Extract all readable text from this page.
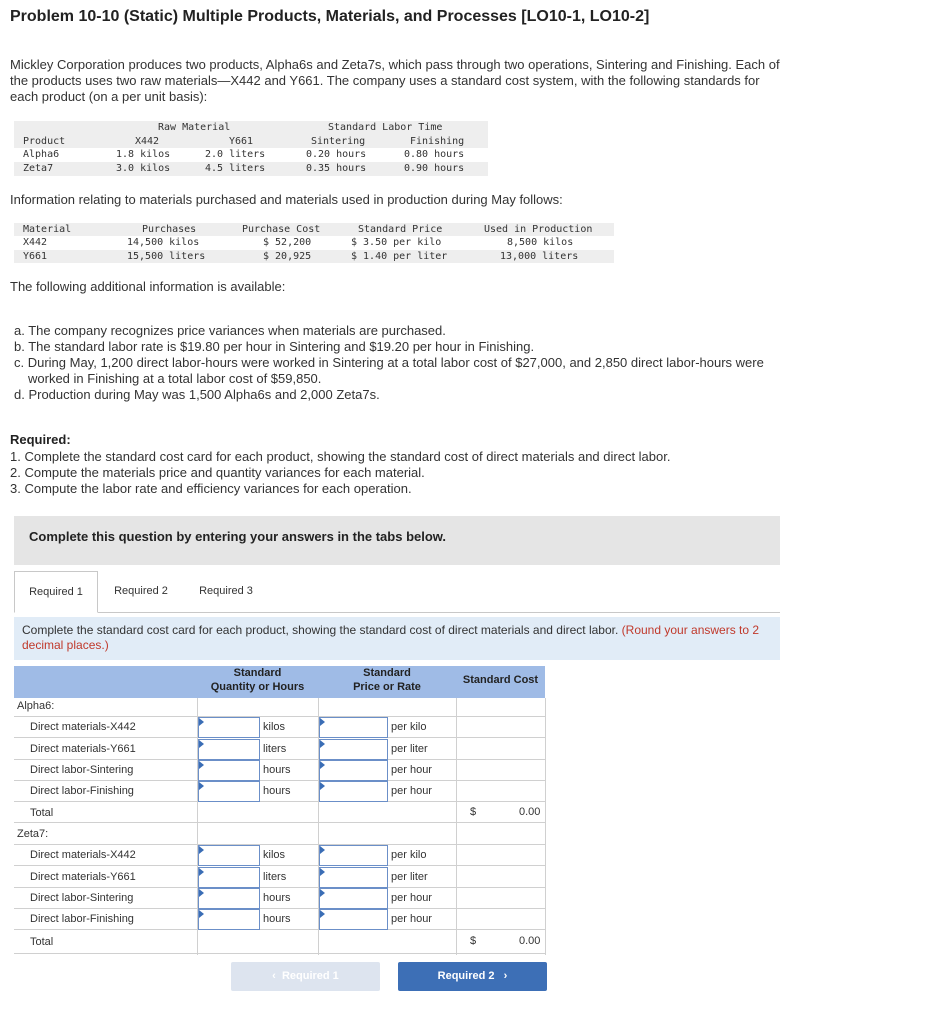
Problem 10-10 (Static) Multiple Products, Materials, and Processes [LO10-1, LO10-2]
Mickley Corporation produces two products, Alpha6s and Zeta7s, which pass through two operations, Sintering and Finishing. Each of
the products uses two raw materials—X442 and Y661. The company uses a standard cost system, with the following standards for
each product (on a per unit basis):
Raw Material	Standard Labor Time
Product	X442	Y661	Sintering	Finishing
Alpha6	1.8 kilos	2.0 liters	0.20 hours	0.80 hours
Zeta7	3.0 kilos	4.5 liters	0.35 hours	0.90 hours
Information relating to materials purchased and materials used in production during May follows:
Material	Purchases	Purchase Cost	Standard Price	Used in Production
X442	14,500 kilos	$ 52,200	$ 3.50 per kilo	8,500 kilos
Y661	15,500 liters	$ 20,925	$ 1.40 per liter	13,000 liters
The following additional information is available:
a. The company recognizes price variances when materials are purchased.
b. The standard labor rate is $19.80 per hour in Sintering and $19.20 per hour in Finishing.
c. During May, 1,200 direct labor-hours were worked in Sintering at a total labor cost of $27,000, and 2,850 direct labor-hours were
worked in Finishing at a total labor cost of $59,850.
d. Production during May was 1,500 Alpha6s and 2,000 Zeta7s.
Required:
1. Complete the standard cost card for each product, showing the standard cost of direct materials and direct labor.
2. Compute the materials price and quantity variances for each material.
3. Compute the labor rate and efficiency variances for each operation.
Complete this question by entering your answers in the tabs below.
Required 1	Required 2	Required 3
Complete the standard cost card for each product, showing the standard cost of direct materials and direct labor. (Round your answers to 2 decimal places.)
Standard
Quantity or Hours
Standard
Price or Rate
Standard Cost
Alpha6:
Direct materials-X442	kilos	per kilo
Direct materials-Y661	liters	per liter
Direct labor-Sintering	hours	per hour
Direct labor-Finishing	hours	per hour
Total	$	0.00
Zeta7:
Direct materials-X442	kilos	per kilo
Direct materials-Y661	liters	per liter
Direct labor-Sintering	hours	per hour
Direct labor-Finishing	hours	per hour
Total	$	0.00
‹  Required 1	Required 2   ›
